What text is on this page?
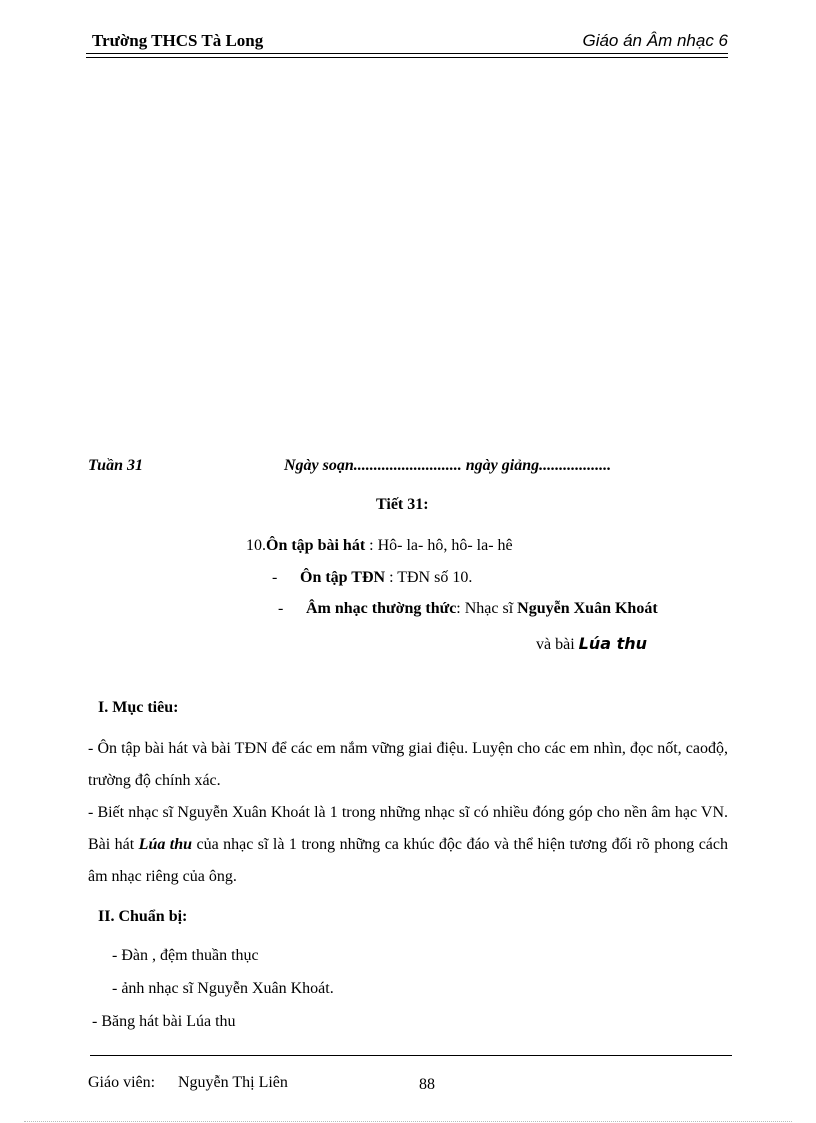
Trường THCS Tà Long	Giáo án Âm nhạc 6
Tuần 31	Ngày soạn........................... ngày giảng..................
Tiết 31:
10.Ôn tập bài hát : Hô- la- hô, hô- la- hê
- Ôn tập TĐN : TĐN số 10.
- Âm nhạc thường thức: Nhạc sĩ Nguyễn Xuân Khoát
và bài Lúa thu
I. Mục tiêu:
- Ôn tập bài hát và bài TĐN để các em nắm vững giai điệu. Luyện cho các em nhìn, đọc nốt, caođộ, trường độ chính xác.
- Biết nhạc sĩ Nguyễn Xuân Khoát là 1 trong những nhạc sĩ có nhiều đóng góp cho nền âm hạc VN. Bài hát Lúa thu của nhạc sĩ là 1 trong những ca khúc độc đáo và thể hiện tương đối rõ phong cách âm nhạc riêng của ông.
II. Chuẩn bị:
- Đàn , đệm thuần thục
- ảnh nhạc sĩ Nguyễn Xuân Khoát.
- Băng hát bài Lúa thu
Giáo viên: Nguyễn Thị Liên	88
